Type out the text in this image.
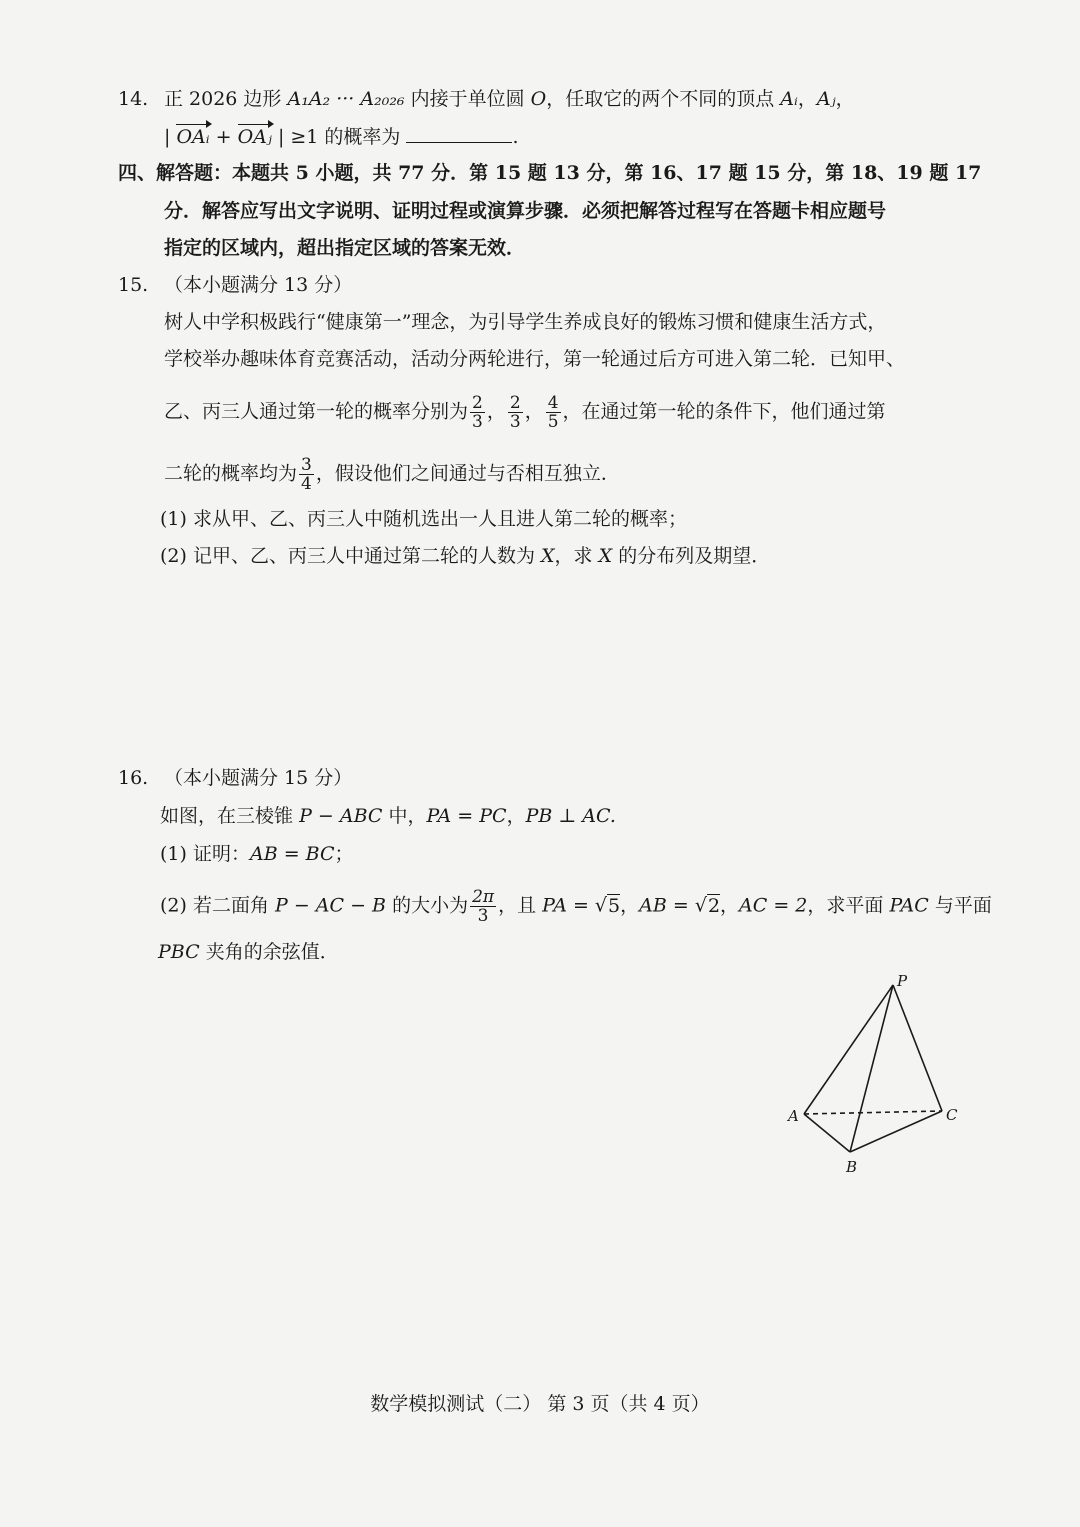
14. 正 2026 边形 A₁A₂ ··· A₂₀₂₆ 内接于单位圆 O，任取它的两个不同的顶点 Aᵢ，Aⱼ，
| OAᵢ + OAⱼ | ≥1 的概率为	.
四、解答题：本题共 5 小题，共 77 分．第 15 题 13 分，第 16、17 题 15 分，第 18、19 题 17
分．解答应写出文字说明、证明过程或演算步骤．必须把解答过程写在答题卡相应题号
指定的区域内，超出指定区域的答案无效．
15. （本小题满分 13 分）
树人中学积极践行“健康第一”理念，为引导学生养成良好的锻炼习惯和健康生活方式，
学校举办趣味体育竞赛活动，活动分两轮进行，第一轮通过后方可进入第二轮．已知甲、
乙、丙三人通过第一轮的概率分别为 $\frac{2}{3}$ ， $\frac{2}{3}$ ， $\frac{4}{5}$ ，在通过第一轮的条件下，他们通过第
二轮的概率均为 $\frac{3}{4}$ ，假设他们之间通过与否相互独立．
(1) 求从甲、乙、丙三人中随机选出一人且进人第二轮的概率；
(2) 记甲、乙、丙三人中通过第二轮的人数为 X，求 X 的分布列及期望．
16. （本小题满分 15 分）
如图，在三棱锥 P − ABC 中，PA = PC，PB ⊥ AC.
(1) 证明：AB = BC；
(2) 若二面角 P − AC − B 的大小为 $\frac{2\pi}{3}$ ，且 PA = √5，AB = √2，AC = 2，求平面 PAC 与平面
PBC 夹角的余弦值．
P
A
B
C
数学模拟测试（二） 第 3 页（共 4 页）
